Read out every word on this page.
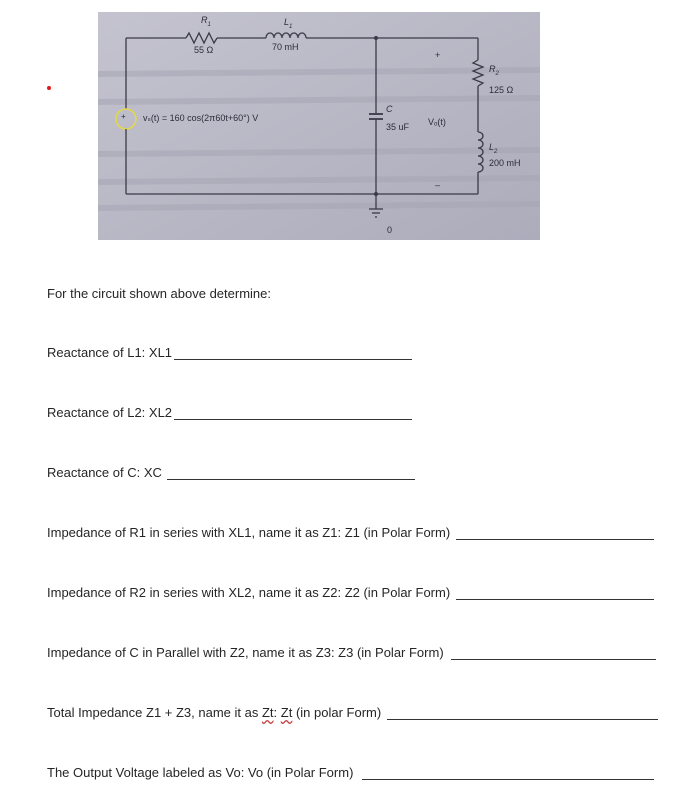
$R_1$
55 Ω
$L_1$
70 mH
+ vₛ(t) = 160 cos(2π60t+60°) V
C
35 uF
+
Vₒ(t)
–
$R_2$
125 Ω
$L_2$
200 mH
0
For the circuit shown above determine:
Reactance of L1: XL1
Reactance of L2: XL2
Reactance of C: XC
Impedance of R1 in series with XL1, name it as Z1: Z1 (in Polar Form)
Impedance of R2 in series with XL2, name it as Z2: Z2 (in Polar Form)
Impedance of C in Parallel with Z2, name it as Z3: Z3 (in Polar Form)
Total Impedance Z1 + Z3, name it as Zt: Zt (in polar Form)
The Output Voltage labeled as Vo: Vo (in Polar Form)
